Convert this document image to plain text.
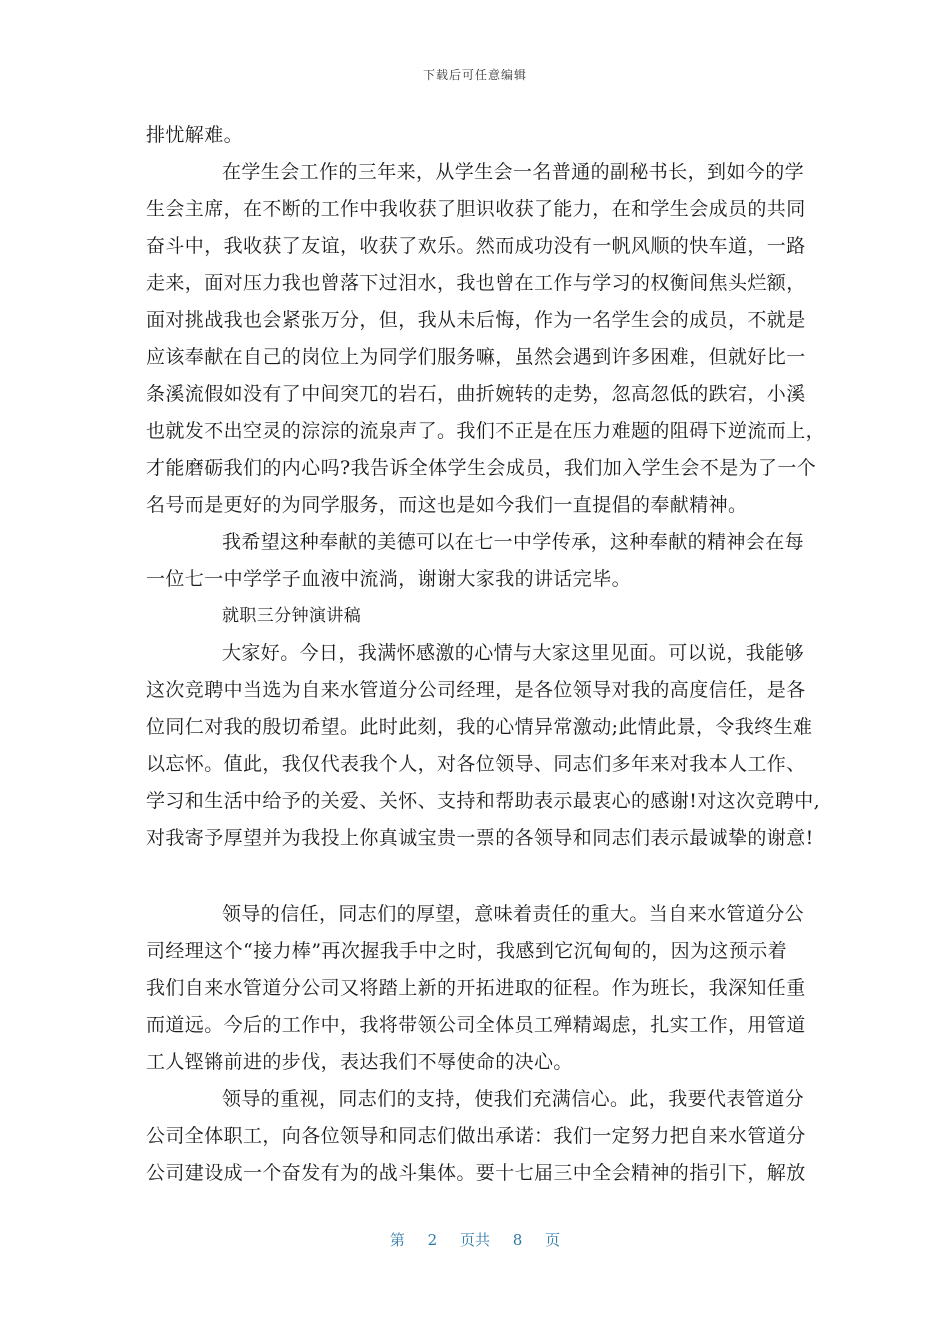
下载后可任意编辑
排忧解难。
在学生会工作的三年来，从学生会一名普通的副秘书长，到如今的学
生会主席，在不断的工作中我收获了胆识收获了能力，在和学生会成员的共同
奋斗中，我收获了友谊，收获了欢乐。然而成功没有一帆风顺的快车道，一路
走来，面对压力我也曾落下过泪水，我也曾在工作与学习的权衡间焦头烂额，
面对挑战我也会紧张万分，但，我从未后悔，作为一名学生会的成员，不就是
应该奉献在自己的岗位上为同学们服务嘛，虽然会遇到许多困难，但就好比一
条溪流假如没有了中间突兀的岩石，曲折婉转的走势，忽高忽低的跌宕，小溪
也就发不出空灵的淙淙的流泉声了。我们不正是在压力难题的阻碍下逆流而上，
才能磨砺我们的内心吗?我告诉全体学生会成员，我们加入学生会不是为了一个
名号而是更好的为同学服务，而这也是如今我们一直提倡的奉献精神。
我希望这种奉献的美德可以在七一中学传承，这种奉献的精神会在每
一位七一中学学子血液中流淌，谢谢大家我的讲话完毕。
就职三分钟演讲稿
大家好。今日，我满怀感激的心情与大家这里见面。可以说，我能够
这次竞聘中当选为自来水管道分公司经理，是各位领导对我的高度信任，是各
位同仁对我的殷切希望。此时此刻，我的心情异常激动;此情此景，令我终生难
以忘怀。值此，我仅代表我个人，对各位领导、同志们多年来对我本人工作、
学习和生活中给予的关爱、关怀、支持和帮助表示最衷心的感谢!对这次竞聘中,
对我寄予厚望并为我投上你真诚宝贵一票的各领导和同志们表示最诚挚的谢意!
领导的信任，同志们的厚望，意味着责任的重大。当自来水管道分公
司经理这个“接力棒”再次握我手中之时，我感到它沉甸甸的，因为这预示着
我们自来水管道分公司又将踏上新的开拓进取的征程。作为班长，我深知任重
而道远。今后的工作中，我将带领公司全体员工殚精竭虑，扎实工作，用管道
工人铿锵前进的步伐，表达我们不辱使命的决心。
领导的重视，同志们的支持，使我们充满信心。此，我要代表管道分
公司全体职工，向各位领导和同志们做出承诺：我们一定努力把自来水管道分
公司建设成一个奋发有为的战斗集体。要十七届三中全会精神的指引下，解放
第 2 页共 8 页
